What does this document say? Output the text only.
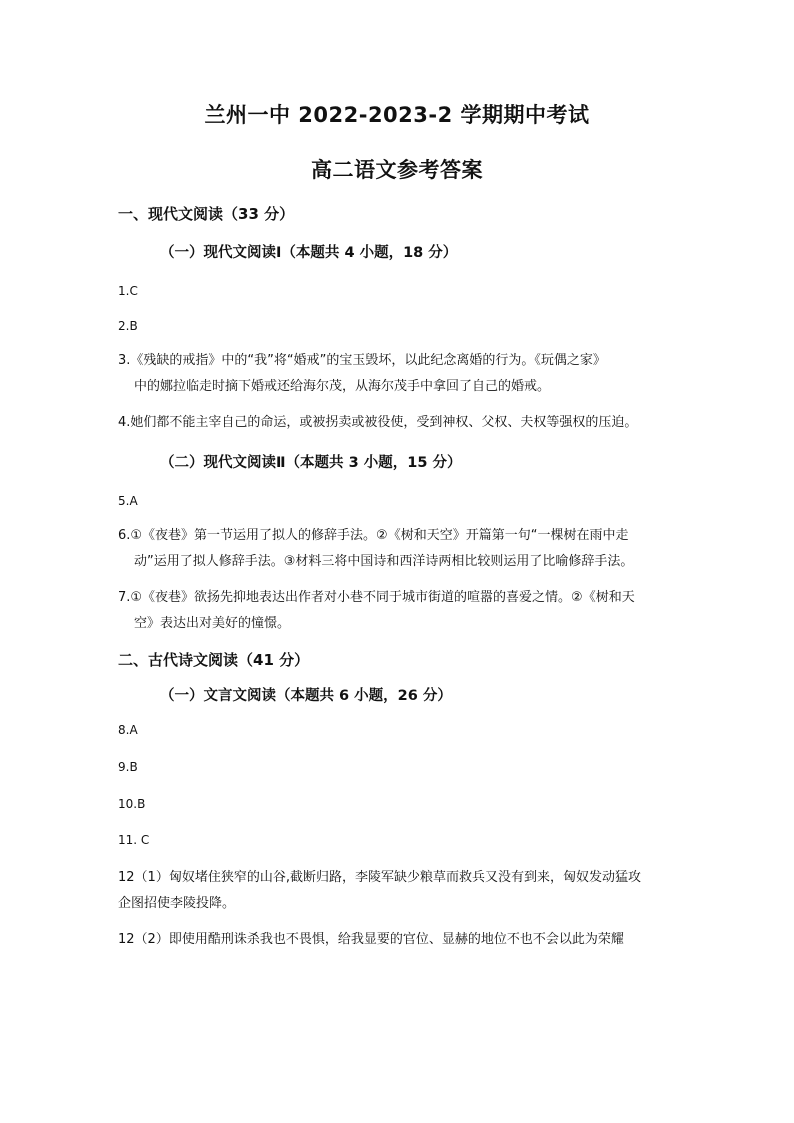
兰州一中 2022-2023-2 学期期中考试
高二语文参考答案
一、现代文阅读（33 分）
（一）现代文阅读Ⅰ（本题共 4 小题，18 分）
1.C
2.B
3.《残缺的戒指》中的“我”将“婚戒”的宝玉毁坏，以此纪念离婚的行为。《玩偶之家》
中的娜拉临走时摘下婚戒还给海尔茂，从海尔茂手中拿回了自己的婚戒。
4.她们都不能主宰自己的命运，或被拐卖或被役使，受到神权、父权、夫权等强权的压迫。
（二）现代文阅读Ⅱ（本题共 3 小题，15 分）
5.A
6.①《夜巷》第一节运用了拟人的修辞手法。②《树和天空》开篇第一句“一棵树在雨中走
动”运用了拟人修辞手法。③材料三将中国诗和西洋诗两相比较则运用了比喻修辞手法。
7.①《夜巷》欲扬先抑地表达出作者对小巷不同于城市街道的喧嚣的喜爱之情。②《树和天
空》表达出对美好的憧憬。
二、古代诗文阅读（41 分）
（一）文言文阅读（本题共 6 小题，26 分）
8.A
9.B
10.B
11. C
12（1）匈奴堵住狭窄的山谷,截断归路，李陵军缺少粮草而救兵又没有到来，匈奴发动猛攻
企图招使李陵投降。
12（2）即使用酷刑诛杀我也不畏惧，给我显要的官位、显赫的地位不也不会以此为荣耀
